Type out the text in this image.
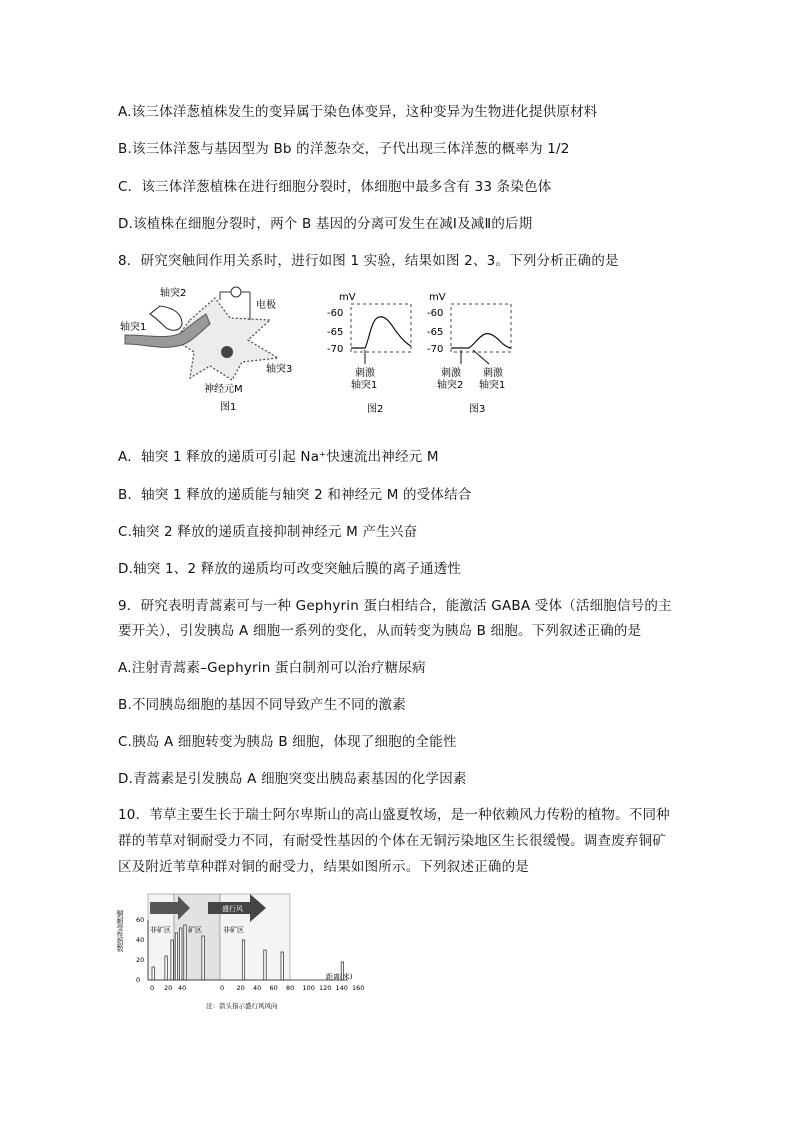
A.该三体洋葱植株发生的变异属于染色体变异，这种变异为生物进化提供原材料
B.该三体洋葱与基因型为 Bb 的洋葱杂交，子代出现三体洋葱的概率为 1/2
C．该三体洋葱植株在进行细胞分裂时，体细胞中最多含有 33 条染色体
D.该植株在细胞分裂时，两个 B 基因的分离可发生在减Ⅰ及减Ⅱ的后期
8．研究突触间作用关系时，进行如图 1 实验，结果如图 2、3。下列分析正确的是
轴突2
电极
轴突1
轴突3
神经元M
图1
mV
-60
-65
-70
刺激
轴突1
图2
mV
-60
-65
-70
刺激
轴突2
刺激
轴突1
图3
A．轴突 1 释放的递质可引起 Na⁺快速流出神经元 M
B．轴突 1 释放的递质能与轴突 2 和神经元 M 的受体结合
C.轴突 2 释放的递质直接抑制神经元 M 产生兴奋
D.轴突 1、2 释放的递质均可改变突触后膜的离子通透性
9．研究表明青蒿素可与一种 Gephyrin 蛋白相结合，能激活 GABA 受体（活细胞信号的主
要开关），引发胰岛 A 细胞一系列的变化，从而转变为胰岛 B 细胞。下列叙述正确的是
A.注射青蒿素–Gephyrin 蛋白制剂可以治疗糖尿病
B.不同胰岛细胞的基因不同导致产生不同的激素
C.胰岛 A 细胞转变为胰岛 B 细胞，体现了细胞的全能性
D.青蒿素是引发胰岛 A 细胞突变出胰岛素基因的化学因素
10．苇草主要生长于瑞士阿尔卑斯山的高山盛夏牧场，是一种依赖风力传粉的植物。不同种
群的苇草对铜耐受力不同，有耐受性基因的个体在无铜污染地区生长很缓慢。调查废弃铜矿
区及附近苇草种群对铜的耐受力，结果如图所示。下列叙述正确的是
铜耐受性指数	非矿区 矿区	非矿区
盛行风
0
20
40
60
0 20 40	0 20 40 60 80 100 120 140 160
距离(米)
注：箭头指示盛行风风向
